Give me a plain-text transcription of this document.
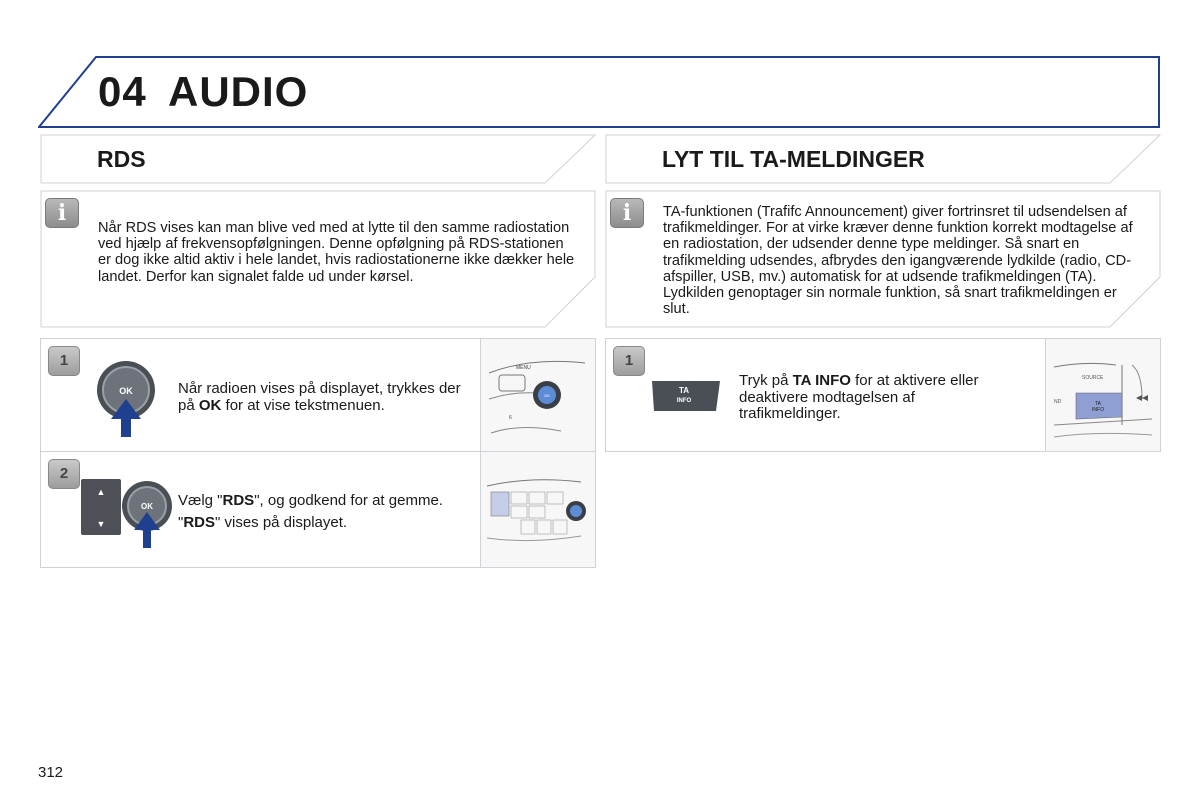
04 AUDIO
RDS
i
Når RDS vises kan man blive ved med at lytte til den samme radiostation ved hjælp af frekvensopfølgningen. Denne opfølgning på RDS-stationen er dog ikke altid aktiv i hele landet, hvis radiostationerne ikke dækker hele landet. Derfor kan signalet falde ud under kørsel.
1
OK	Når radioen vises på displayet, trykkes der på OK for at vise tekstmenuen.
MENU
OK
6
2
▲
▼
OK Vælg "RDS", og godkend for at gemme.
"RDS" vises på displayet.
LYT TIL TA-MELDINGER
i	TA-funktionen (Trafifc Announcement) giver fortrinsret til udsendelsen af trafikmeldinger. For at virke kræver denne funktion korrekt modtagelse af en radiostation, der udsender denne type meldinger. Så snart en trafikmelding udsendes, afbrydes den igangværende lydkilde (radio, CD-afspiller, USB, mv.) automatisk for at udsende trafikmeldingen (TA). Lydkilden genoptager sin normale funktion, så snart trafikmeldingen er slut.
1
TA
INFO
Tryk på TA INFO for at aktivere eller deaktivere modtagelsen af trafikmeldinger.
SOURCE
ND	TA
INFO
312
